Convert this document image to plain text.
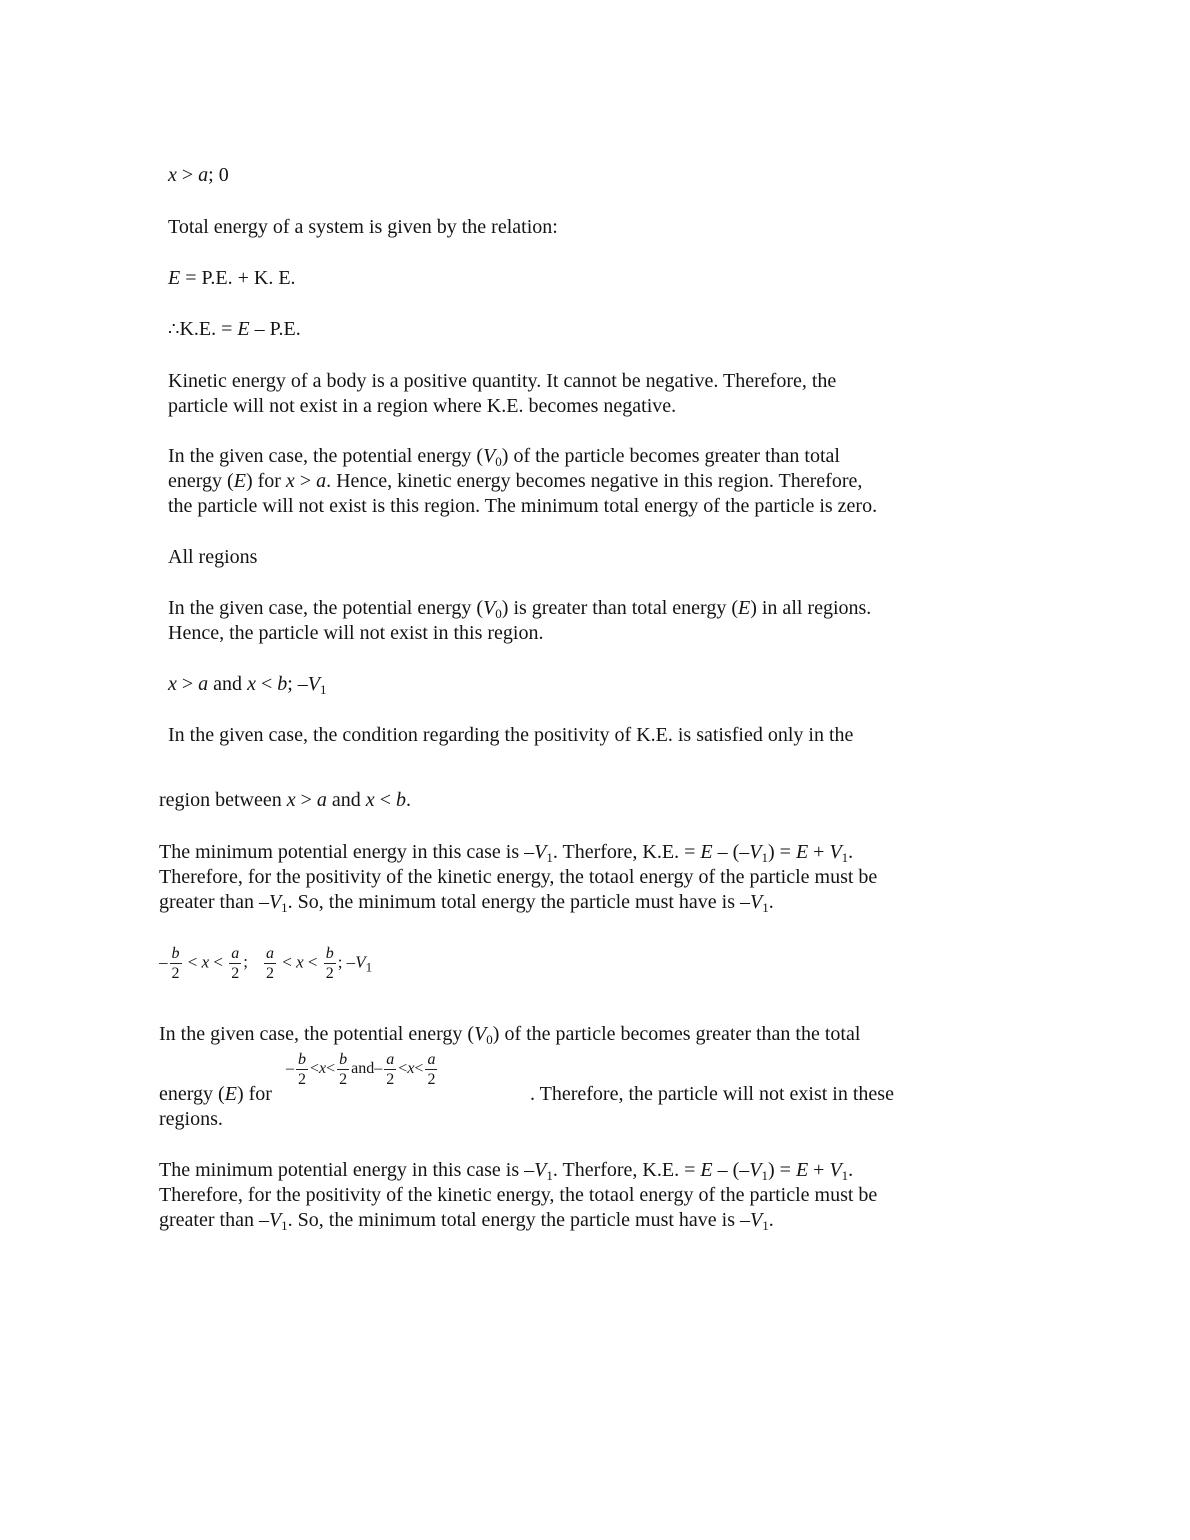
x > a; 0

Total energy of a system is given by the relation:

E = P.E. + K. E.

∴K.E. = E – P.E.

Kinetic energy of a body is a positive quantity. It cannot be negative. Therefore, the
particle will not exist in a region where K.E. becomes negative.
In the given case, the potential energy $(V_0)$ of the particle becomes greater than total
energy (E) for x > a. Hence, kinetic energy becomes negative in this region. Therefore,
the particle will not exist is this region. The minimum total energy of the particle is zero.

All regions

In the given case, the potential energy $(V_0)$ is greater than total energy (E) in all regions.
Hence, the particle will not exist in this region.

x > a and x < b; $-V_1$

In the given case, the condition regarding the positivity of K.E. is satisfied only in the

region between x > a and x < b.

The minimum potential energy in this case is $-V_1$. Therfore, K.E. = $E - (-V_1) = E + V_1$.
Therefore, for the positivity of the kinetic energy, the totaol energy of the particle must be
greater than $-V_1$. So, the minimum total energy the particle must have is $-V_1$.
– $\frac{b}{2} < x < \frac{a}{2}$ ; $\frac{a}{2} < x < \frac{b}{2}$ ; $-V_1$

In the given case, the potential energy $(V_0)$ of the particle becomes greater than the total

– $\frac{b}{2} <x< \frac{b}{2} and- \frac{a}{2} <x< \frac{a}{2}$

energy (E) for	. Therefore, the particle will not exist in these

regions.

The minimum potential energy in this case is $-V_1$. Therfore, K.E. = $E - (-V_1) = E + V_1$.
Therefore, for the positivity of the kinetic energy, the totaol energy of the particle must be
greater than $-V_1$. So, the minimum total energy the particle must have is $-V_1$.
